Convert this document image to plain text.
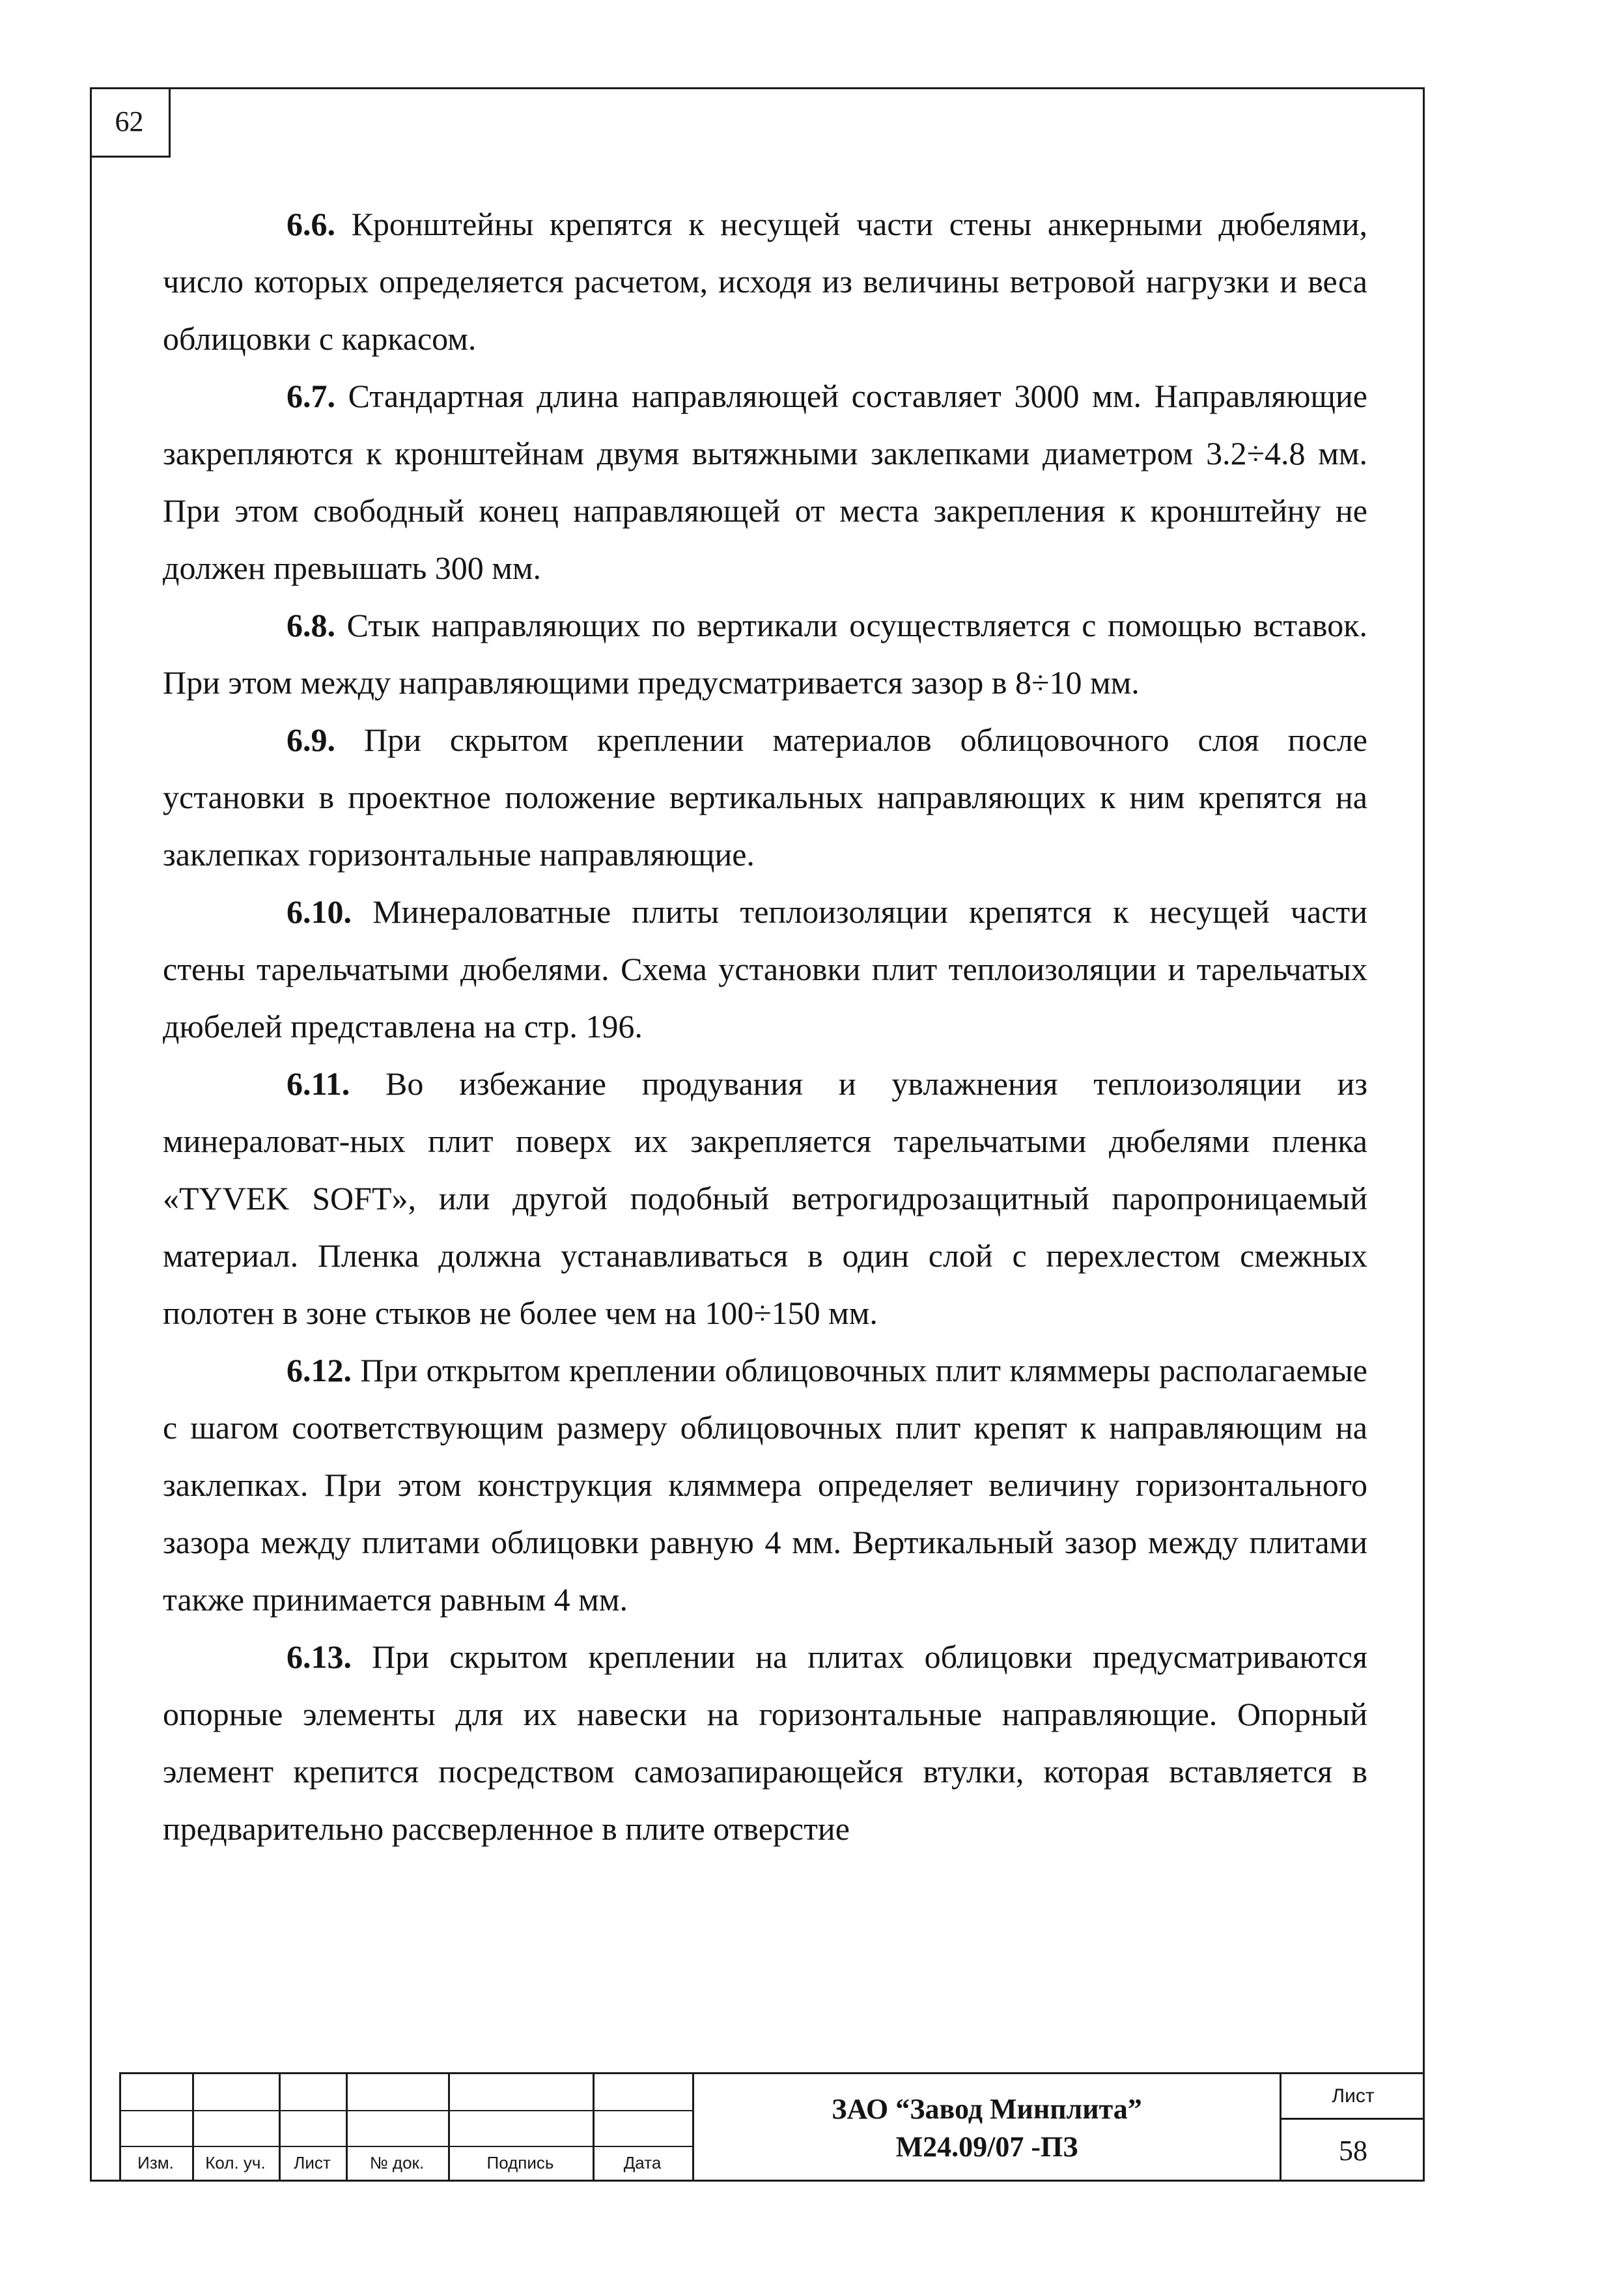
62

6.6. Кронштейны крепятся к несущей части стены анкерными дюбелями, число которых определяется расчетом, исходя из величины ветровой нагрузки и веса облицовки с каркасом.

6.7. Стандартная длина направляющей составляет 3000 мм. Направляющие закрепляются к кронштейнам двумя вытяжными заклепками диаметром 3.2÷4.8 мм. При этом свободный конец направляющей от места закрепления к кронштейну не должен превышать 300 мм.

6.8. Стык направляющих по вертикали осуществляется с помощью вставок. При этом между направляющими предусматривается зазор в 8÷10 мм.

6.9. При скрытом креплении материалов облицовочного слоя после установки в проектное положение вертикальных направляющих к ним крепятся на заклепках горизонтальные направляющие.

6.10. Минераловатные плиты теплоизоляции крепятся к несущей части стены тарельчатыми дюбелями. Схема установки плит теплоизоляции и тарельчатых дюбелей представлена на стр. 196.

6.11. Во избежание продувания и увлажнения теплоизоляции из минераловат-ных плит поверх их закрепляется тарельчатыми дюбелями пленка «TYVEK SOFT», или другой подобный ветрогидрозащитный паропроницаемый материал. Пленка должна устанавливаться в один слой с перехлестом смежных полотен в зоне стыков не более чем на 100÷150 мм.

6.12. При открытом креплении облицовочных плит кляммеры располагаемые с шагом соответствующим размеру облицовочных плит крепят к направляющим на заклепках. При этом конструкция кляммера определяет величину горизонтального зазора между плитами облицовки равную 4 мм. Вертикальный зазор между плитами также принимается равным 4 мм.

6.13. При скрытом креплении на плитах облицовки предусматриваются опорные элементы для их навески на горизонтальные направляющие. Опорный элемент крепится посредством самозапирающейся втулки, которая вставляется в предварительно рассверленное в плите отверстие

Изм.	Кол. уч.	Лист	№ док.	Подпись	Дата
ЗАО “Завод Минплита”
М24.09/07 -ПЗ
Лист
58
